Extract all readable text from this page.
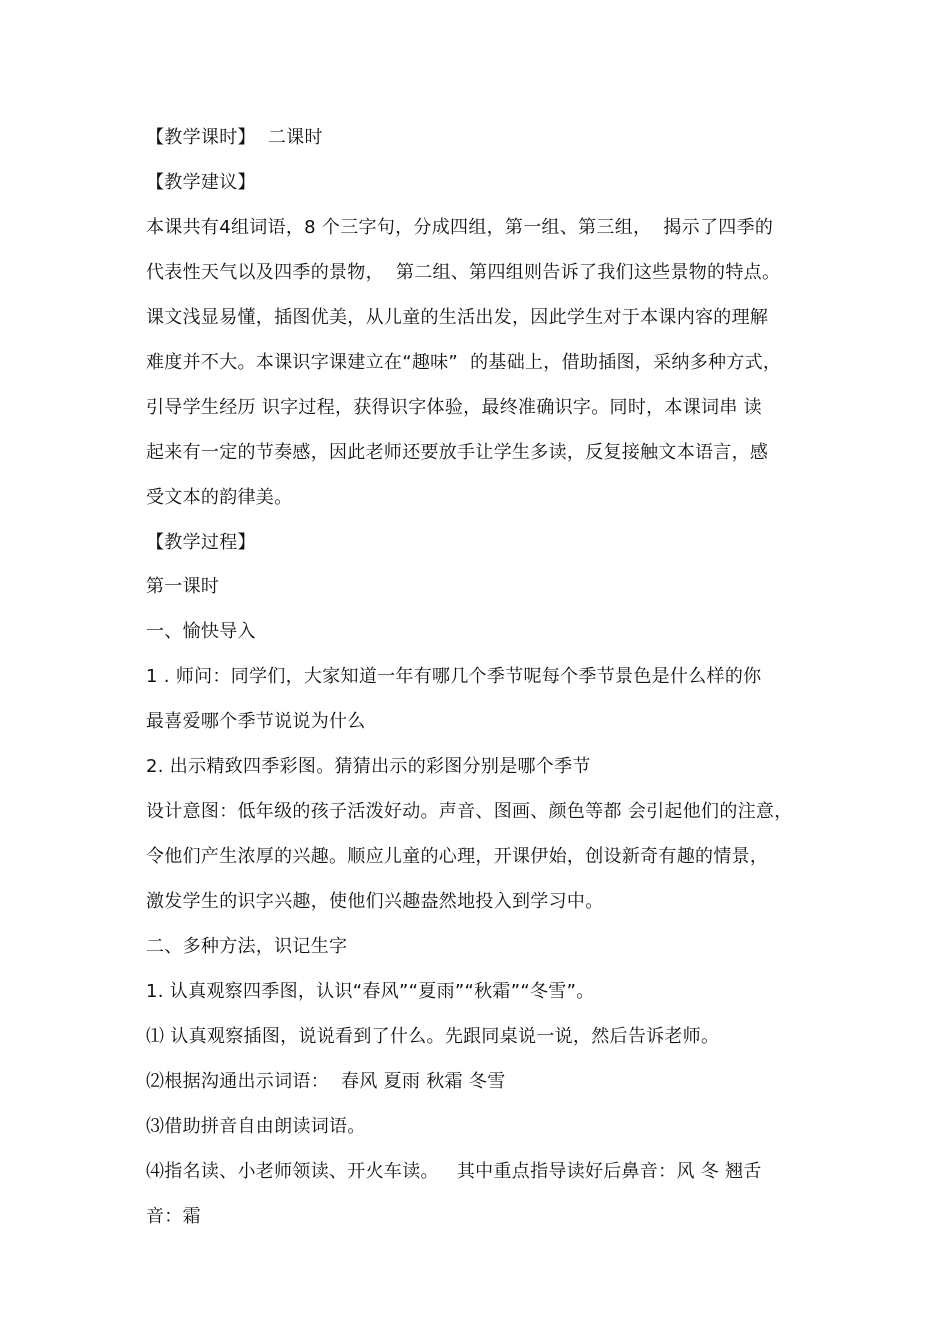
【教学课时】  二课时
【教学建议】
本课共有4组词语，8 个三字句，分成四组，第一组、第三组，  揭示了四季的
代表性天气以及四季的景物，  第二组、第四组则告诉了我们这些景物的特点。
课文浅显易懂，插图优美，从儿童的生活出发，因此学生对于本课内容的理解
难度并不大。本课识字课建立在“趣味”  的基础上，借助插图，采纳多种方式，
引导学生经历 识字过程，获得识字体验，最终准确识字。同时，本课词串 读
起来有一定的节奏感，因此老师还要放手让学生多读，反复接触文本语言，感
受文本的韵律美。
【教学过程】
第一课时
一、愉快导入
1 . 师问：同学们，大家知道一年有哪几个季节呢每个季节景色是什么样的你
最喜爱哪个季节说说为什么
2. 出示精致四季彩图。猜猜出示的彩图分别是哪个季节
设计意图：低年级的孩子活泼好动。声音、图画、颜色等都 会引起他们的注意，
令他们产生浓厚的兴趣。顺应儿童的心理，开课伊始，创设新奇有趣的情景，
激发学生的识字兴趣，使他们兴趣盎然地投入到学习中。
二、多种方法，识记生字
1. 认真观察四季图，认识“春风”“夏雨”“秋霜”“冬雪”。
⑴ 认真观察插图，说说看到了什么。先跟同桌说一说，然后告诉老师。
⑵根据沟通出示词语：  春风 夏雨 秋霜 冬雪
⑶借助拼音自由朗读词语。
⑷指名读、小老师领读、开火车读。   其中重点指导读好后鼻音：风 冬 翘舌
音：霜
